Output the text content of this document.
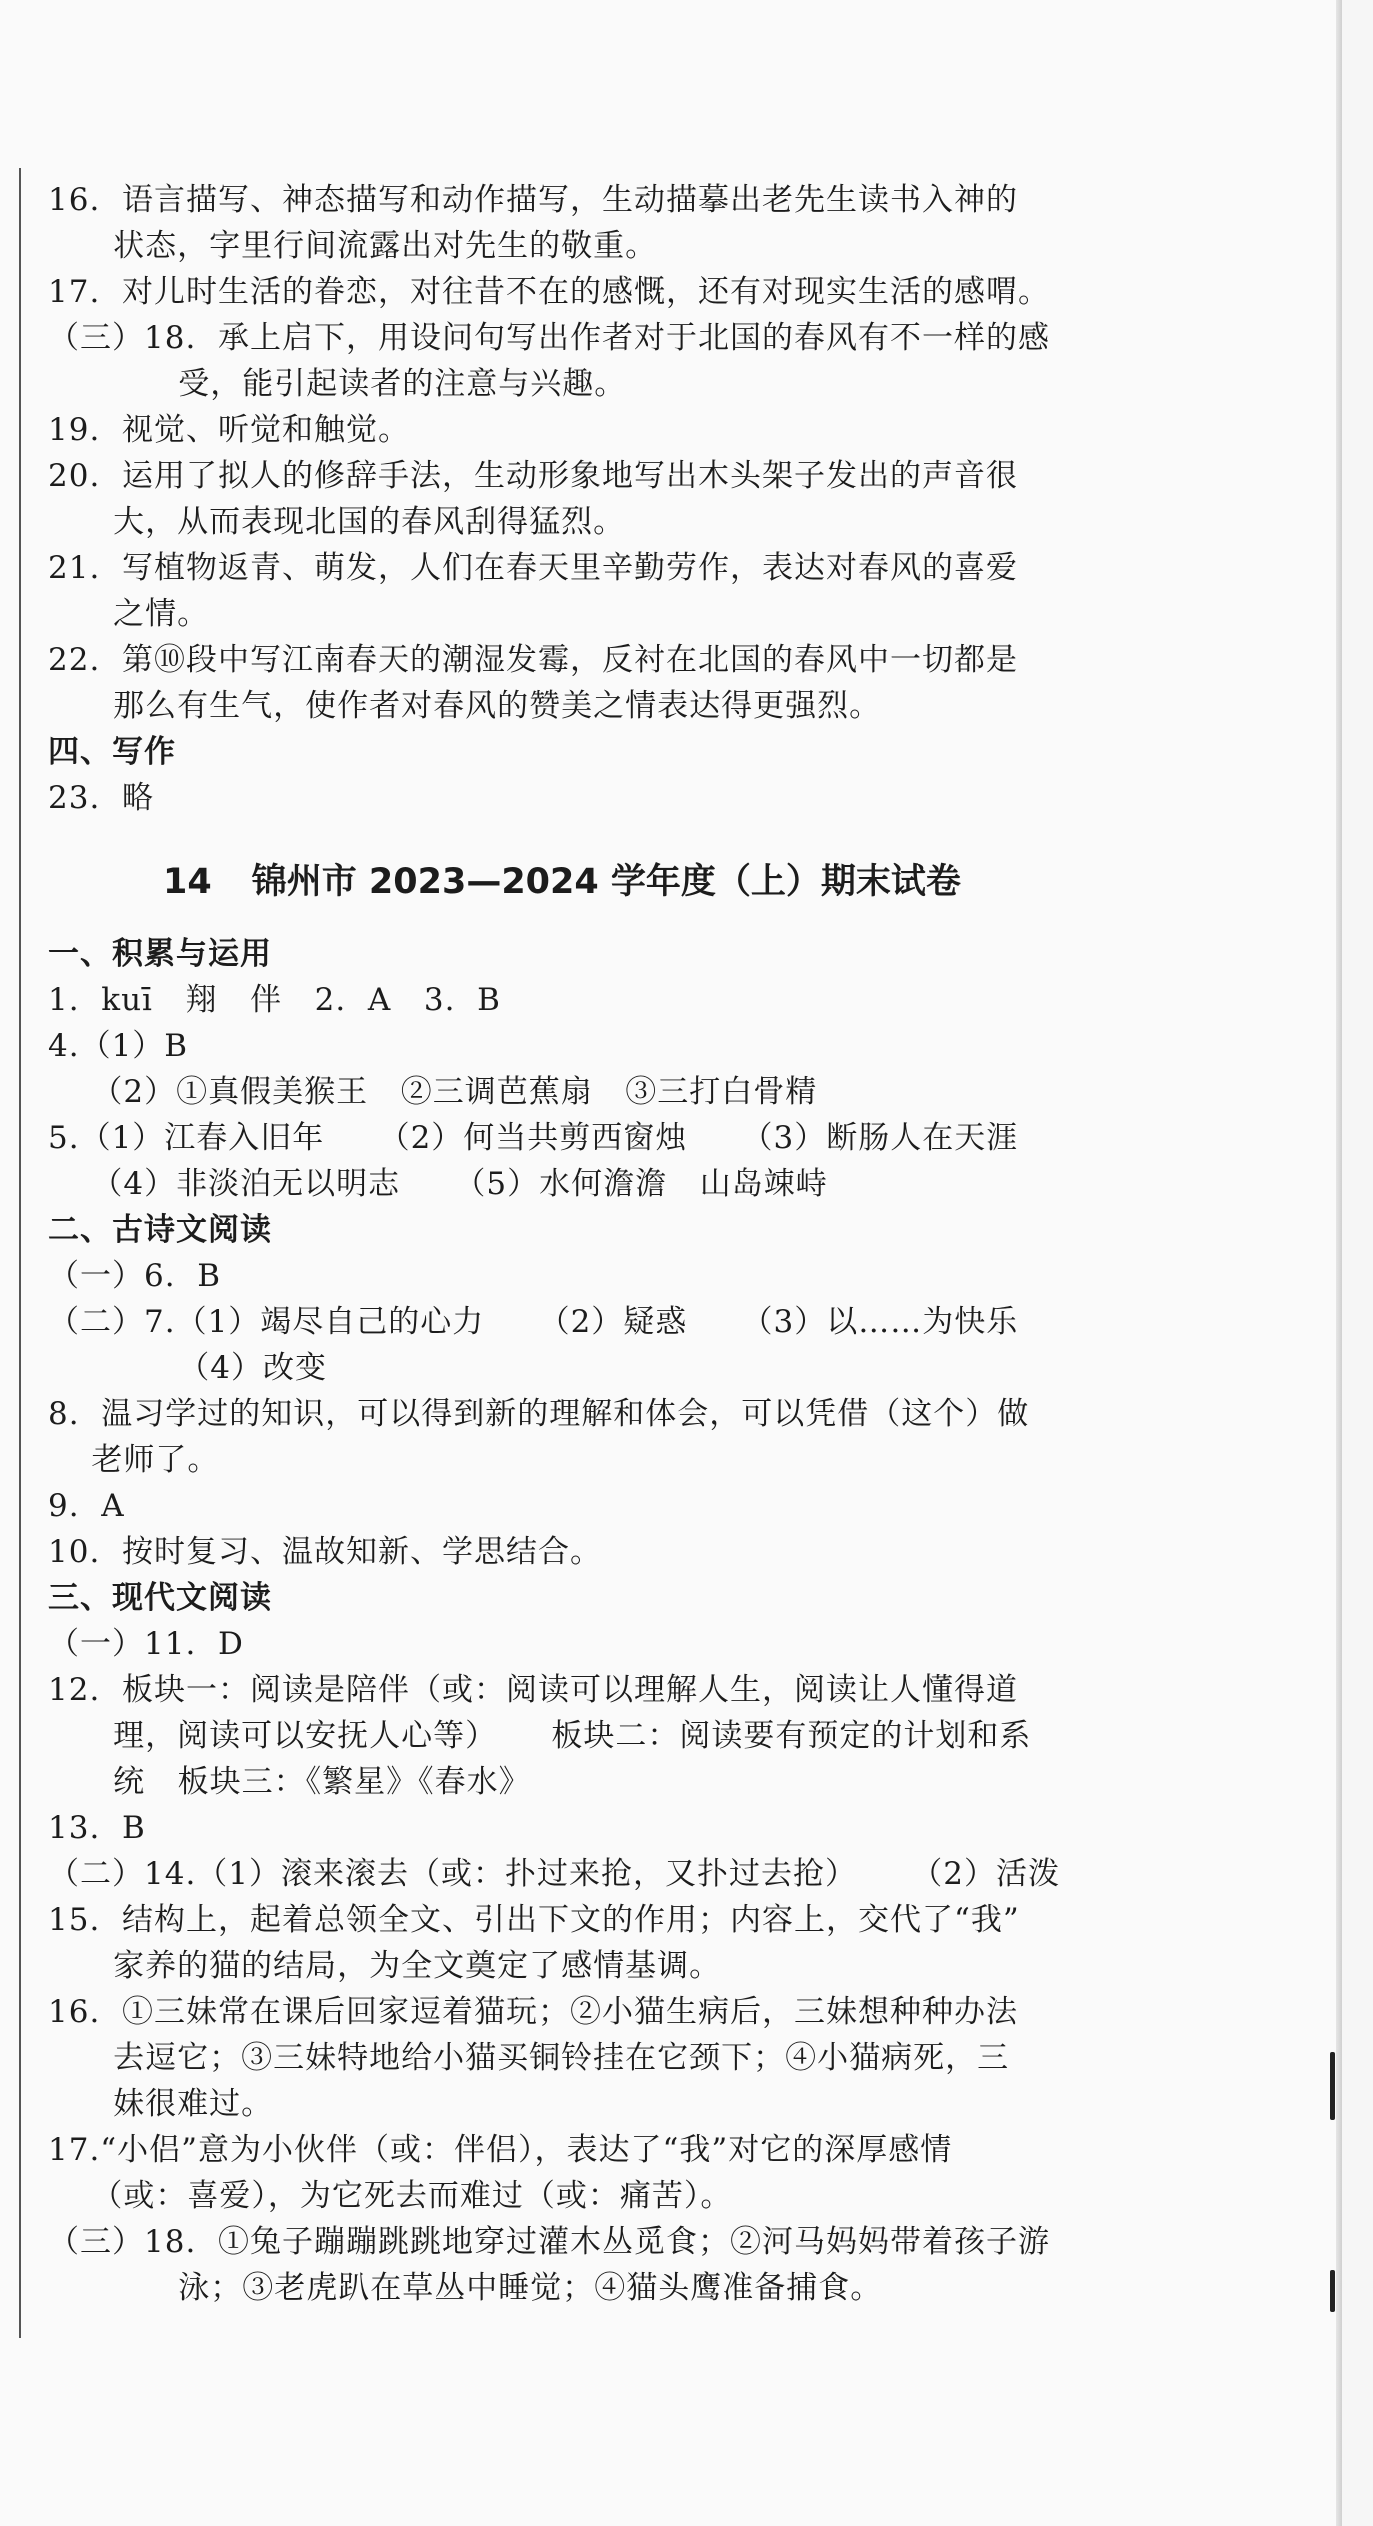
16.  语言描写、神态描写和动作描写，生动描摹出老先生读书入神的
状态，字里行间流露出对先生的敬重。
17.  对儿时生活的眷恋，对往昔不在的感慨，还有对现实生活的感喟。
（三）18.  承上启下，用设问句写出作者对于北国的春风有不一样的感
受，能引起读者的注意与兴趣。
19.  视觉、听觉和触觉。
20.  运用了拟人的修辞手法，生动形象地写出木头架子发出的声音很
大，从而表现北国的春风刮得猛烈。
21.  写植物返青、萌发，人们在春天里辛勤劳作，表达对春风的喜爱
之情。
22.  第⑩段中写江南春天的潮湿发霉，反衬在北国的春风中一切都是
那么有生气，使作者对春风的赞美之情表达得更强烈。
四、写作
23.  略
14 锦州市 2023—2024 学年度（上）期末试卷
一、积累与运用
1.  kuī   翔   伴   2.  A   3.  B
4.（1）B
（2）①真假美猴王   ②三调芭蕉扇   ③三打白骨精
5.（1）江春入旧年     （2）何当共剪西窗烛     （3）断肠人在天涯
（4）非淡泊无以明志     （5）水何澹澹   山岛竦峙
二、古诗文阅读
（一）6.  B
（二）7.（1）竭尽自己的心力     （2）疑惑     （3）以……为快乐
（4）改变
8.  温习学过的知识，可以得到新的理解和体会，可以凭借（这个）做
老师了。
9.  A
10.  按时复习、温故知新、学思结合。
三、现代文阅读
（一）11.  D
12.  板块一：阅读是陪伴（或：阅读可以理解人生，阅读让人懂得道
理，阅读可以安抚人心等）     板块二：阅读要有预定的计划和系
统   板块三：《繁星》《春水》
13.  B
（二）14.（1）滚来滚去（或：扑过来抢，又扑过去抢）     （2）活泼
15.  结构上，起着总领全文、引出下文的作用；内容上，交代了“我”
家养的猫的结局，为全文奠定了感情基调。
16.  ①三妹常在课后回家逗着猫玩；②小猫生病后，三妹想种种办法
去逗它；③三妹特地给小猫买铜铃挂在它颈下；④小猫病死，三
妹很难过。
17.“小侣”意为小伙伴（或：伴侣），表达了“我”对它的深厚感情
（或：喜爱），为它死去而难过（或：痛苦）。
（三）18.  ①兔子蹦蹦跳跳地穿过灌木丛觅食；②河马妈妈带着孩子游
泳；③老虎趴在草丛中睡觉；④猫头鹰准备捕食。
